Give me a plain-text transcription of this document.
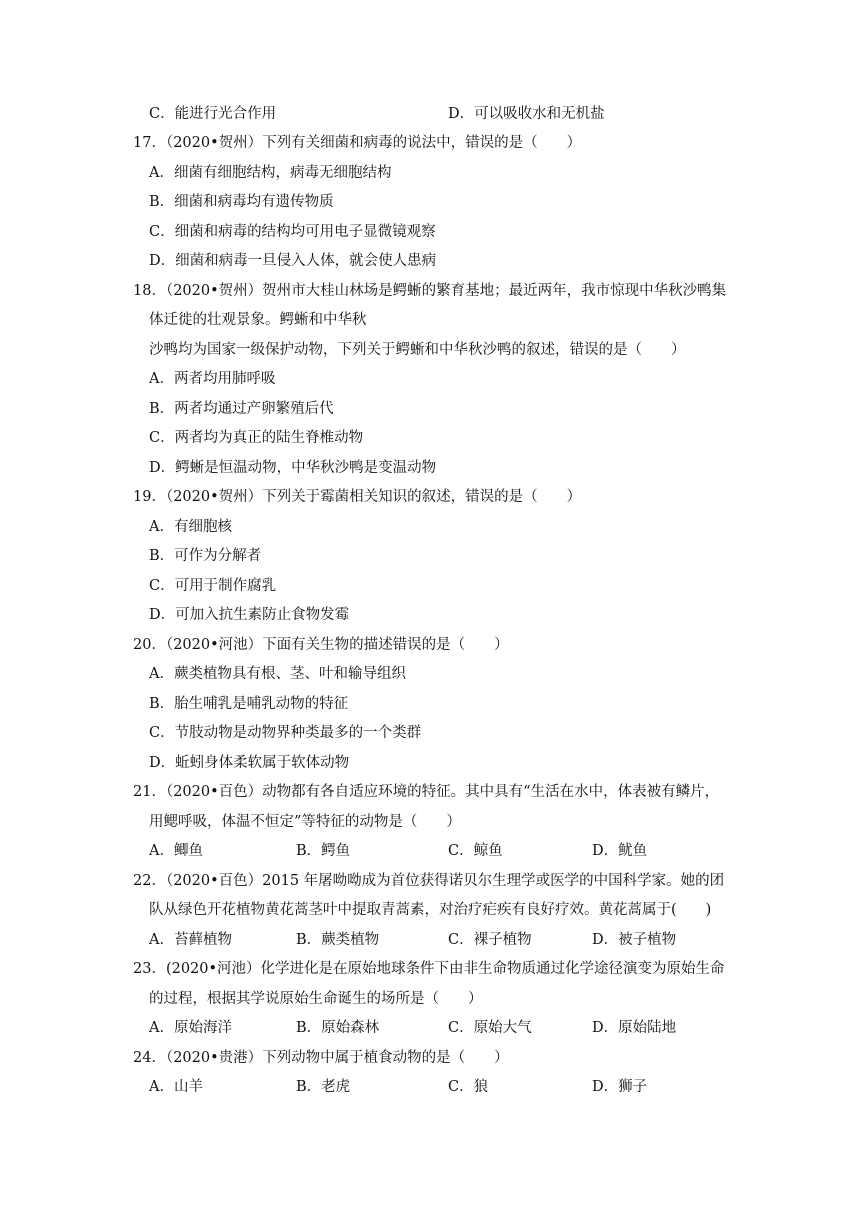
C．能进行光合作用	D．可以吸收水和无机盐
17．（2020•贺州）下列有关细菌和病毒的说法中，错误的是（　　）
A．细菌有细胞结构，病毒无细胞结构
B．细菌和病毒均有遗传物质
C．细菌和病毒的结构均可用电子显微镜观察
D．细菌和病毒一旦侵入人体，就会使人患病
18．（2020•贺州）贺州市大桂山林场是鳄蜥的繁育基地；最近两年，我市惊现中华秋沙鸭集
体迁徙的壮观景象。鳄蜥和中华秋
沙鸭均为国家一级保护动物，下列关于鳄蜥和中华秋沙鸭的叙述，错误的是（　　）
A．两者均用肺呼吸
B．两者均通过产卵繁殖后代
C．两者均为真正的陆生脊椎动物
D．鳄蜥是恒温动物，中华秋沙鸭是变温动物
19．（2020•贺州）下列关于霉菌相关知识的叙述，错误的是（　　）
A．有细胞核
B．可作为分解者
C．可用于制作腐乳
D．可加入抗生素防止食物发霉
20．（2020•河池）下面有关生物的描述错误的是（　　）
A．蕨类植物具有根、茎、叶和输导组织
B．胎生哺乳是哺乳动物的特征
C．节肢动物是动物界种类最多的一个类群
D．蚯蚓身体柔软属于软体动物
21．（2020•百色）动物都有各自适应环境的特征。其中具有“生活在水中，体表被有鳞片，
用鳃呼吸，体温不恒定”等特征的动物是（　　）
A．鲫鱼	B．鳄鱼	C．鲸鱼	D．鱿鱼
22．（2020•百色）2015 年屠呦呦成为首位获得诺贝尔生理学或医学的中国科学家。她的团
队从绿色开花植物黄花蒿茎叶中提取青蒿素，对治疗疟疾有良好疗效。黄花蒿属于(　　)
A．苔藓植物	B．蕨类植物	C．裸子植物	D．被子植物
23．(2020•河池）化学进化是在原始地球条件下由非生命物质通过化学途径演变为原始生命
的过程，根据其学说原始生命诞生的场所是（　　）
A．原始海洋	B．原始森林	C．原始大气	D．原始陆地
24．（2020•贵港）下列动物中属于植食动物的是（　　）
A．山羊	B．老虎	C．狼	D．狮子
